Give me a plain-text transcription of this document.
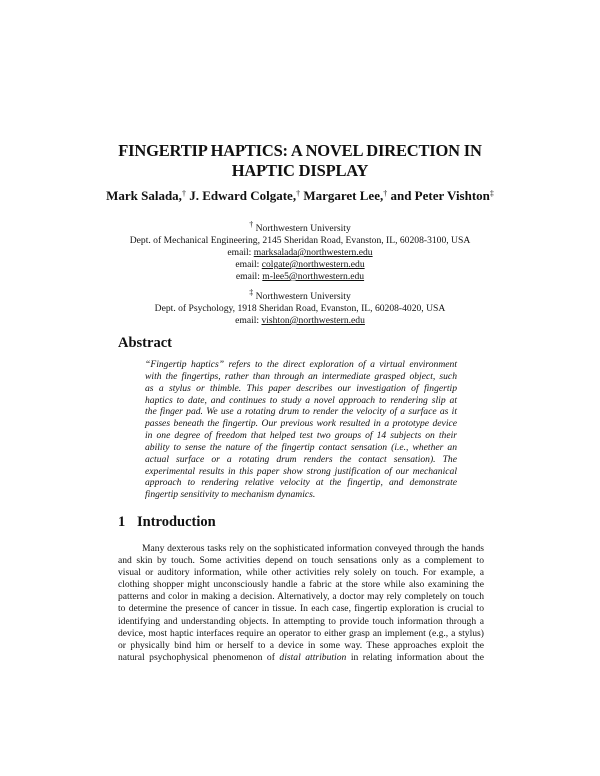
FINGERTIP HAPTICS: A NOVEL DIRECTION IN
HAPTIC DISPLAY
Mark Salada,† J. Edward Colgate,† Margaret Lee,† and Peter Vishton‡
† Northwestern University
Dept. of Mechanical Engineering, 2145 Sheridan Road, Evanston, IL, 60208-3100, USA
email: marksalada@northwestern.edu
email: colgate@northwestern.edu
email: m-lee5@northwestern.edu
‡ Northwestern University
Dept. of Psychology, 1918 Sheridan Road, Evanston, IL, 60208-4020, USA
email: vishton@northwestern.edu
Abstract
“Fingertip haptics” refers to the direct exploration of a virtual environment
with the fingertips, rather than through an intermediate grasped object, such
as a stylus or thimble. This paper describes our investigation of fingertip
haptics to date, and continues to study a novel approach to rendering slip at
the finger pad. We use a rotating drum to render the velocity of a surface as it
passes beneath the fingertip. Our previous work resulted in a prototype device
in one degree of freedom that helped test two groups of 14 subjects on their
ability to sense the nature of the fingertip contact sensation (i.e., whether an
actual surface or a rotating drum renders the contact sensation). The
experimental results in this paper show strong justification of our mechanical
approach to rendering relative velocity at the fingertip, and demonstrate
fingertip sensitivity to mechanism dynamics.
1 Introduction
Many dexterous tasks rely on the sophisticated information conveyed through the hands
and skin by touch. Some activities depend on touch sensations only as a complement to
visual or auditory information, while other activities rely solely on touch. For example, a
clothing shopper might unconsciously handle a fabric at the store while also examining the
patterns and color in making a decision. Alternatively, a doctor may rely completely on touch
to determine the presence of cancer in tissue. In each case, fingertip exploration is crucial to
identifying and understanding objects. In attempting to provide touch information through a
device, most haptic interfaces require an operator to either grasp an implement (e.g., a stylus)
or physically bind him or herself to a device in some way. These approaches exploit the
natural psychophysical phenomenon of distal attribution in relating information about the
